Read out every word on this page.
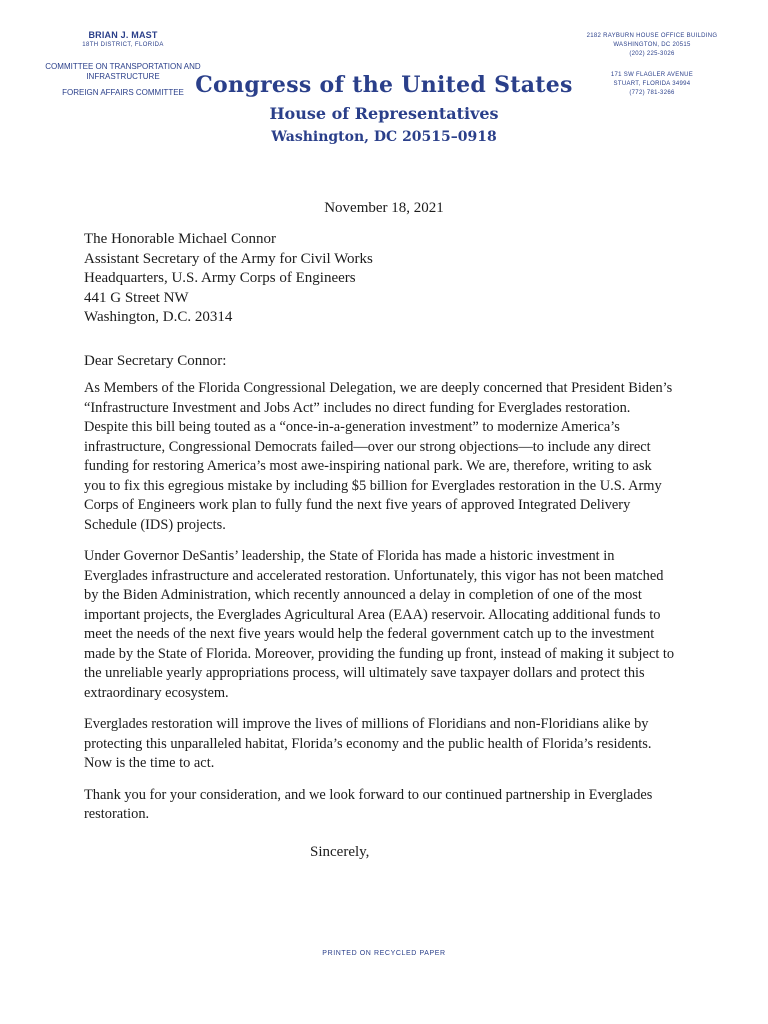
BRIAN J. MAST
18TH DISTRICT, FLORIDA
COMMITTEE ON TRANSPORTATION AND INFRASTRUCTURE
FOREIGN AFFAIRS COMMITTEE Congress of the United States
House of Representatives
Washington, DC 20515–0918
2182 RAYBURN HOUSE OFFICE BUILDING
WASHINGTON, DC 20515
(202) 225-3026
171 SW FLAGLER AVENUE
STUART, FLORIDA 34994
(772) 781-3266
November 18, 2021
The Honorable Michael Connor
Assistant Secretary of the Army for Civil Works
Headquarters, U.S. Army Corps of Engineers
441 G Street NW
Washington, D.C. 20314
Dear Secretary Connor:

As Members of the Florida Congressional Delegation, we are deeply concerned that President Biden’s “Infrastructure Investment and Jobs Act” includes no direct funding for Everglades restoration. Despite this bill being touted as a “once-in-a-generation investment” to modernize America’s infrastructure, Congressional Democrats failed—over our strong objections—to include any direct funding for restoring America’s most awe-inspiring national park. We are, therefore, writing to ask you to fix this egregious mistake by including $5 billion for Everglades restoration in the U.S. Army Corps of Engineers work plan to fully fund the next five years of approved Integrated Delivery Schedule (IDS) projects.

Under Governor DeSantis’ leadership, the State of Florida has made a historic investment in Everglades infrastructure and accelerated restoration. Unfortunately, this vigor has not been matched by the Biden Administration, which recently announced a delay in completion of one of the most important projects, the Everglades Agricultural Area (EAA) reservoir. Allocating additional funds to meet the needs of the next five years would help the federal government catch up to the investment made by the State of Florida. Moreover, providing the funding up front, instead of making it subject to the unreliable yearly appropriations process, will ultimately save taxpayer dollars and protect this extraordinary ecosystem.

Everglades restoration will improve the lives of millions of Floridians and non-Floridians alike by protecting this unparalleled habitat, Florida’s economy and the public health of Florida’s residents. Now is the time to act.

Thank you for your consideration, and we look forward to our continued partnership in Everglades restoration.

Sincerely,
PRINTED ON RECYCLED PAPER
